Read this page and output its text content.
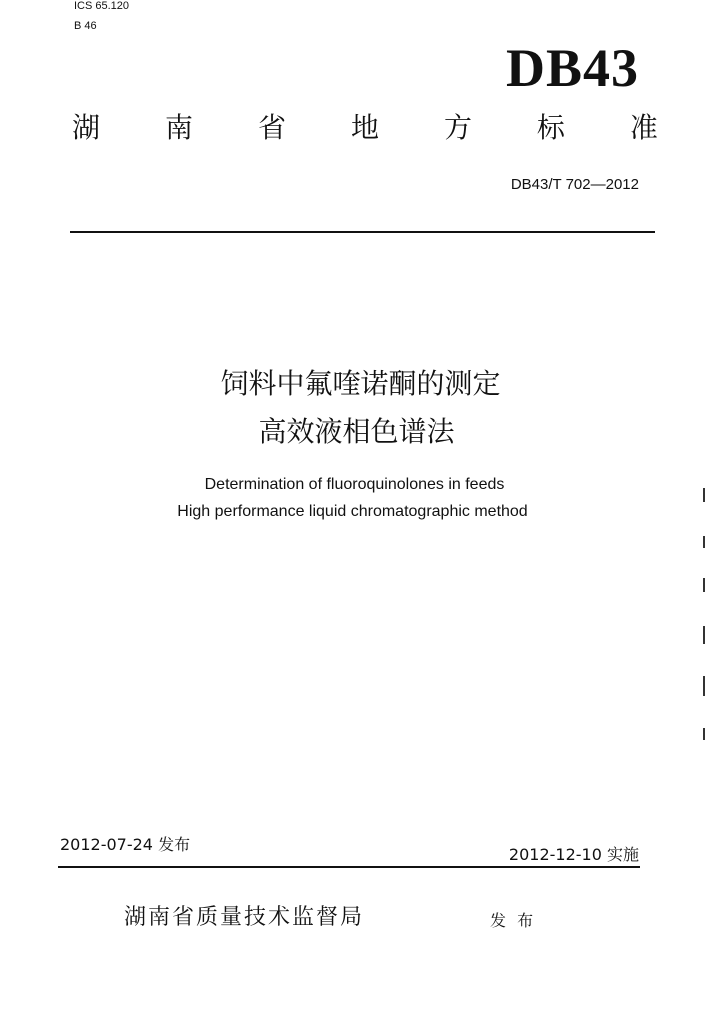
ICS 65.120
B 46
DB43
湖 南 省 地 方 标 准
DB43/T 702—2012
饲料中氟喹诺酮的测定
高效液相色谱法
Determination of fluoroquinolones in feeds
High performance liquid chromatographic method
2012-07-24 发布
2012-12-10 实施
湖南省质量技术监督局	发 布
